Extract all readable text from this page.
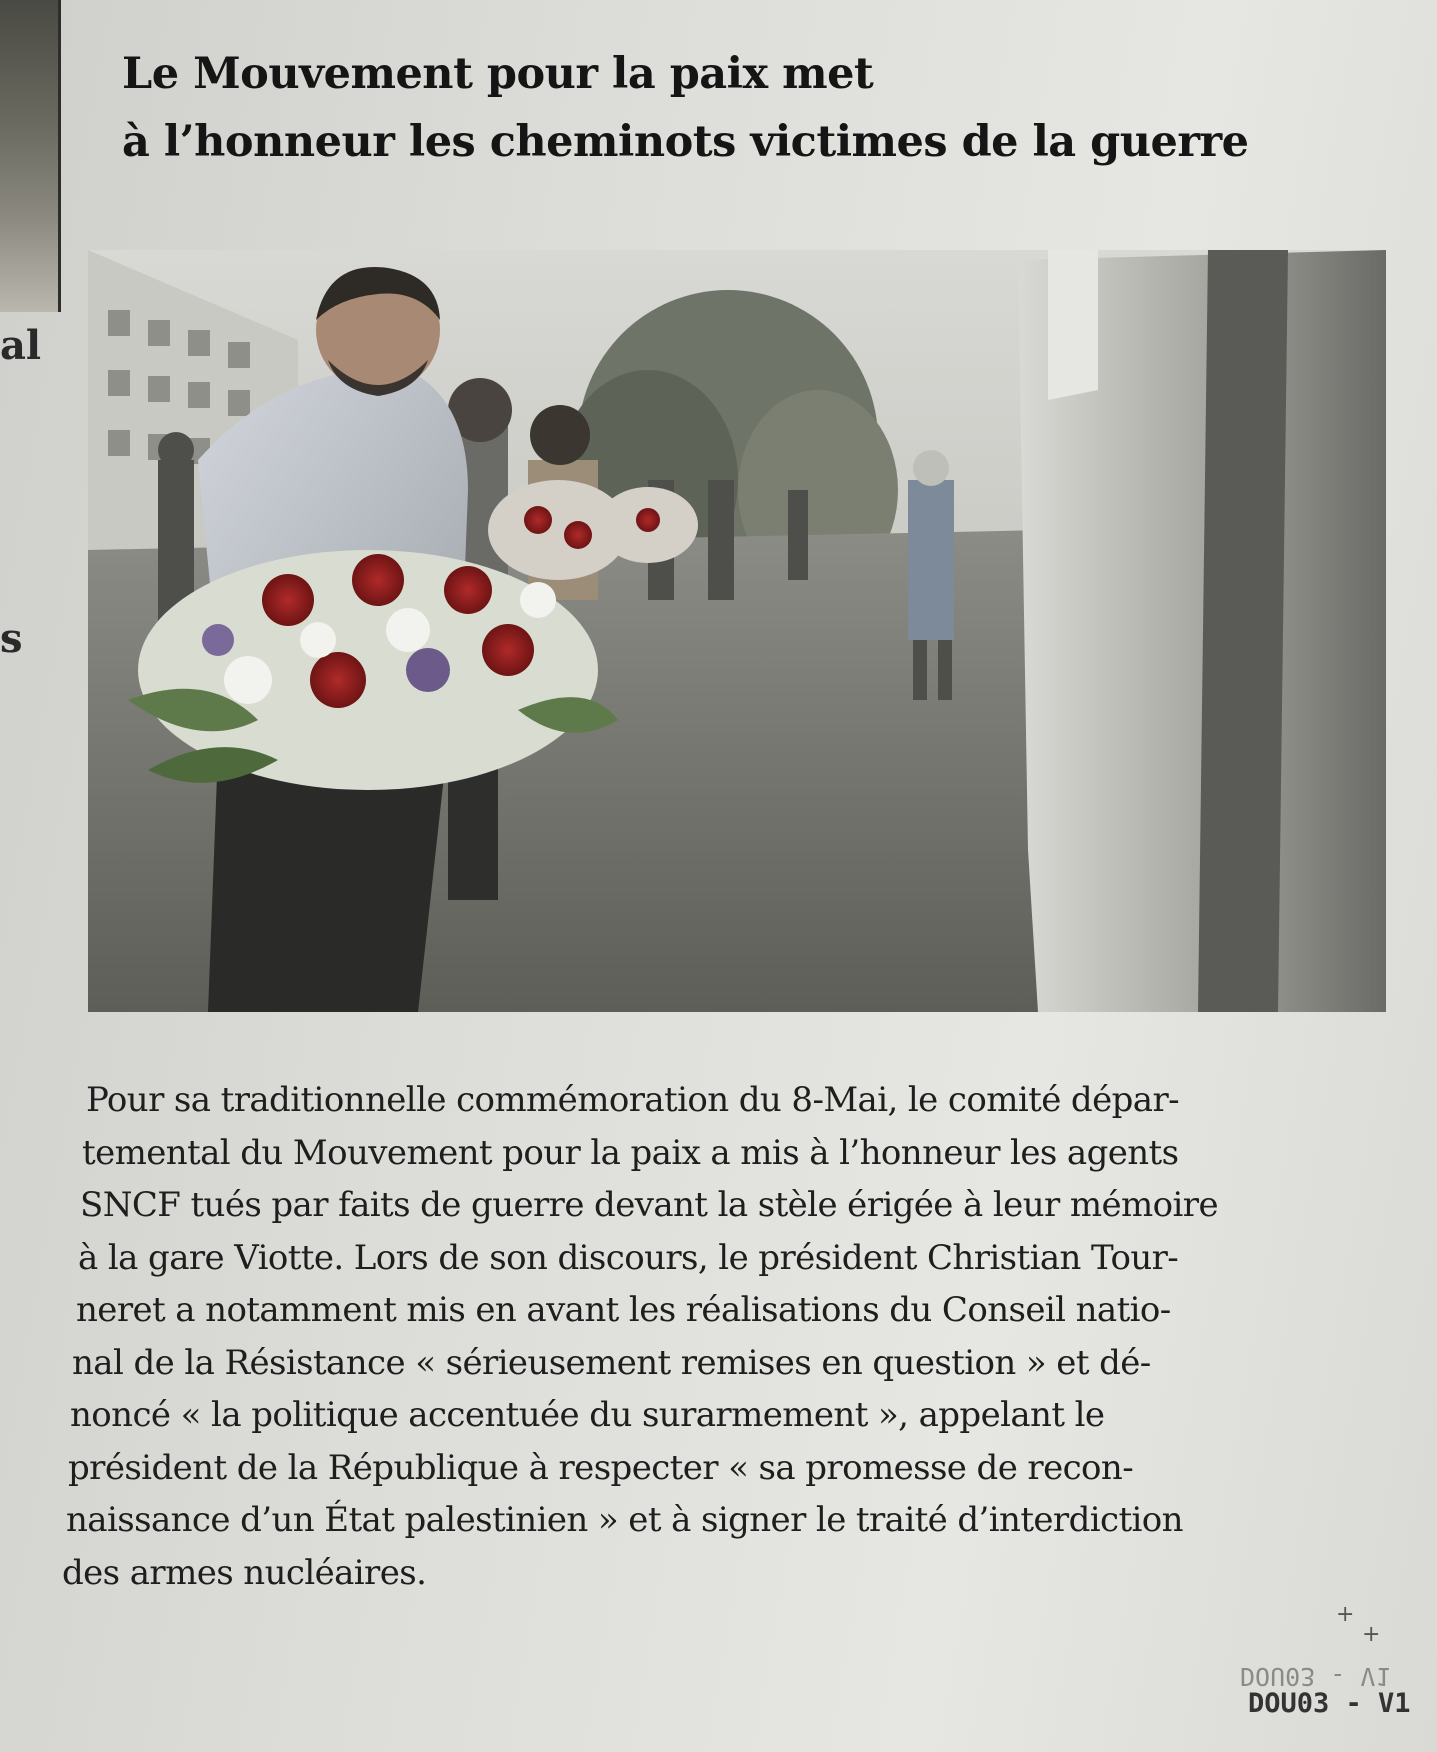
al
s
Le Mouvement pour la paix met
à l’honneur les cheminots victimes de la guerre
Pour sa traditionnelle commémoration du 8-Mai, le comité dépar-
temental du Mouvement pour la paix a mis à l’honneur les agents
SNCF tués par faits de guerre devant la stèle érigée à leur mémoire
à la gare Viotte. Lors de son discours, le président Christian Tour-
neret a notamment mis en avant les réalisations du Conseil natio-
nal de la Résistance « sérieusement remises en question » et dé-
noncé « la politique accentuée du surarmement », appelant le
président de la République à respecter « sa promesse de recon-
naissance d’un État palestinien » et à signer le traité d’interdiction
des armes nucléaires.
+
+
DOU03 - V1
DOU03 - V1
